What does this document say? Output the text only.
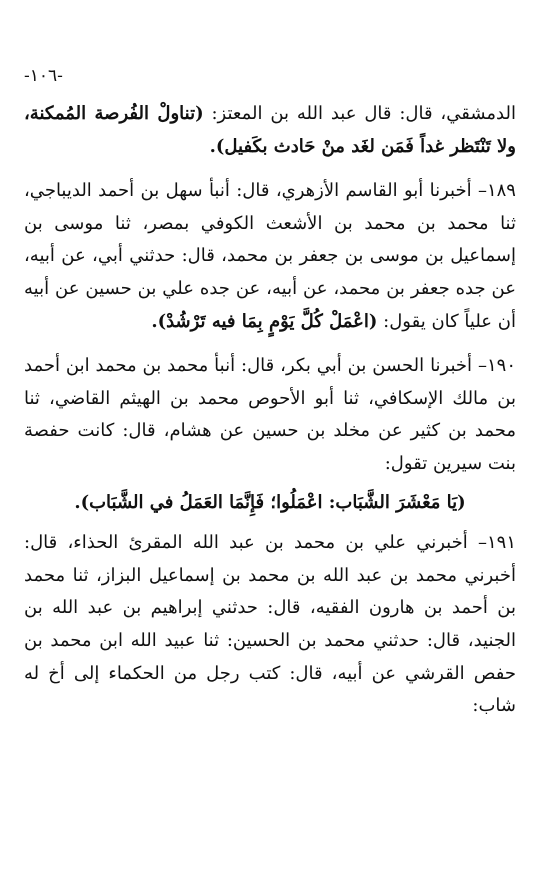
-١٠٦-

الدمشقي، قال: قال عبد الله بن المعتز: (تناولْ الفُرصة المُمكنة، ولا تَنْتَظر غداً فَمَن لغَد منْ حَادث بكَفيل).

١٨٩– أخبرنا أبو القاسم الأزهري، قال: أنبأ سهل بن أحمد الديباجي، ثنا محمد بن محمد بن الأشعث الكوفي بمصر، ثنا موسى بن إسماعيل بن موسى بن جعفر بن محمد، قال: حدثني أبي، عن أبيه، عن جده جعفر بن محمد، عن أبيه، عن جده علي بن حسين عن أبيه أن علياً كان يقول: (اعْمَلْ كُلَّ يَوْمٍ بِمَا فيه تَرْشُدْ).

١٩٠– أخبرنا الحسن بن أبي بكر، قال: أنبأ محمد بن محمد ابن أحمد بن مالك الإسكافي، ثنا أبو الأحوص محمد بن الهيثم القاضي، ثنا محمد بن كثير عن مخلد بن حسين عن هشام، قال: كانت حفصة بنت سيرين تقول:

(يَا مَعْشَرَ الشَّبَاب: اعْمَلُوا؛ فَإِنَّمَا العَمَلُ في الشَّبَاب).

١٩١– أخبرني علي بن محمد بن عبد الله المقرئ الحذاء، قال: أخبرني محمد بن عبد الله بن محمد بن إسماعيل البزاز، ثنا محمد بن أحمد بن هارون الفقيه، قال: حدثني إبراهيم بن عبد الله بن الجنيد، قال: حدثني محمد بن الحسين: ثنا عبيد الله ابن محمد بن حفص القرشي عن أبيه، قال: كتب رجل من الحكماء إلى أخ له شاب:
